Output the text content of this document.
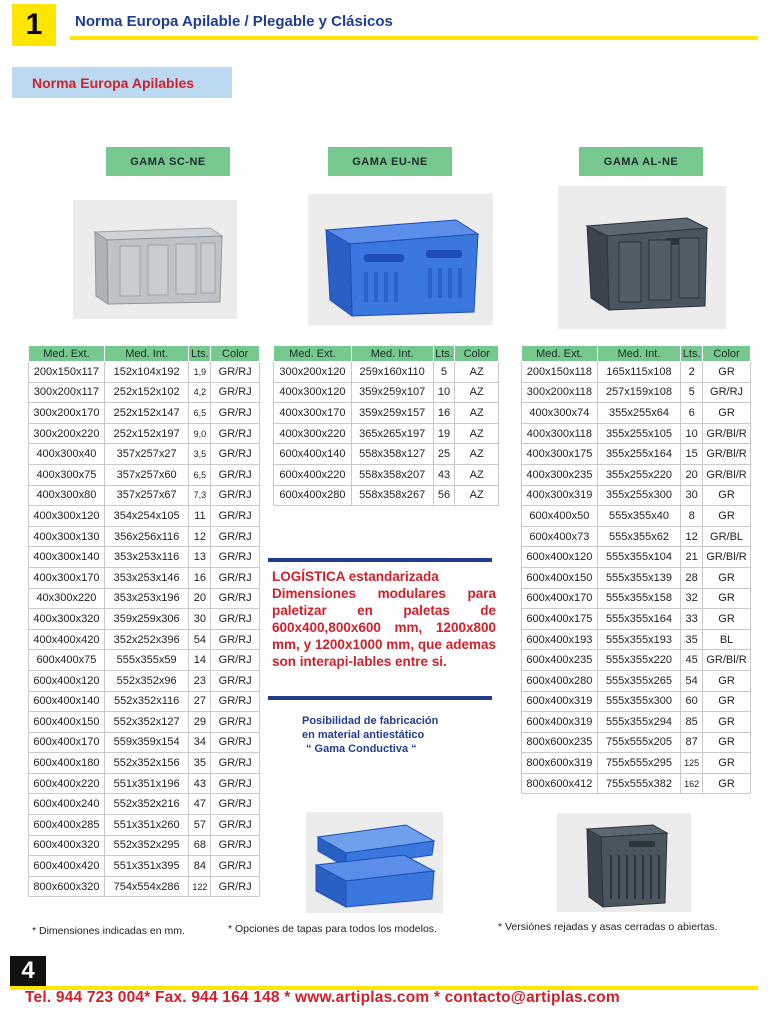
1	Norma Europa Apilable / Plegable y Clásicos
Norma Europa Apilables
GAMA SC-NE	GAMA EU-NE	GAMA AL-NE
Med. Ext.	Med. Int.	Lts.	Color
200x150x117	152x104x192	1,9	GR/RJ
300x200x117	252x152x102	4,2	GR/RJ
300x200x170	252x152x147	6,5	GR/RJ
300x200x220	252x152x197	9,0	GR/RJ
400x300x40	357x257x27	3,5	GR/RJ
400x300x75	357x257x60	6,5	GR/RJ
400x300x80	357x257x67	7,3	GR/RJ
400x300x120	354x254x105	11	GR/RJ
400x300x130	356x256x116	12	GR/RJ
400x300x140	353x253x116	13	GR/RJ
400x300x170	353x253x146	16	GR/RJ
40x300x220	353x253x196	20	GR/RJ
400x300x320	359x259x306	30	GR/RJ
400x400x420	352x252x396	54	GR/RJ
600x400x75	555x355x59	14	GR/RJ
600x400x120	552x352x96	23	GR/RJ
600x400x140	552x352x116	27	GR/RJ
600x400x150	552x352x127	29	GR/RJ
600x400x170	559x359x154	34	GR/RJ
600x400x180	552x352x156	35	GR/RJ
600x400x220	551x351x196	43	GR/RJ
600x400x240	552x352x216	47	GR/RJ
600x400x285	551x351x260	57	GR/RJ
600x400x320	552x352x295	68	GR/RJ
600x400x420	551x351x395	84	GR/RJ
800x600x320	754x554x286	122	GR/RJ
Med. Ext.	Med. Int.	Lts.	Color
300x200x120	259x160x110	5	AZ
400x300x120	359x259x107	10	AZ
400x300x170	359x259x157	16	AZ
400x300x220	365x265x197	19	AZ
600x400x140	558x358x127	25	AZ
600x400x220	558x358x207	43	AZ
600x400x280	558x358x267	56	AZ
Med. Ext.	Med. Int.	Lts.	Color
200x150x118	165x115x108	2	GR
300x200x118	257x159x108	5	GR/RJ
400x300x74	355x255x64	6	GR
400x300x118	355x255x105	10	GR/Bl/R
400x300x175	355x255x164	15	GR/Bl/R
400x300x235	355x255x220	20	GR/Bl/R
400x300x319	355x255x300	30	GR
600x400x50	555x355x40	8	GR
600x400x73	555x355x62	12	GR/BL
600x400x120	555x355x104	21	GR/Bl/R
600x400x150	555x355x139	28	GR
600x400x170	555x355x158	32	GR
600x400x175	555x355x164	33	GR
600x400x193	555x355x193	35	BL
600x400x235	555x355x220	45	GR/Bl/R
600x400x280	555x355x265	54	GR
600x400x319	555x355x300	60	GR
600x400x319	555x355x294	85	GR
800x600x235	755x555x205	87	GR
800x600x319	755x555x295	125	GR
800x600x412	755x555x382	162	GR
LOGÍSTICA estandarizada
Dimensiones modulares para paletizar en paletas de 600x400,800x600 mm, 1200x800 mm, y 1200x1000 mm, que ademas son interapi-lables entre si.
Posibilidad de fabricación
en material antiestático
“ Gama Conductiva “
* Dimensiones indicadas en mm.	* Opciones de tapas para todos los modelos.	* Versiónes rejadas y asas cerradas o abiertas.
4
Tel. 944 723 004* Fax. 944 164 148 * www.artiplas.com * contacto@artiplas.com
